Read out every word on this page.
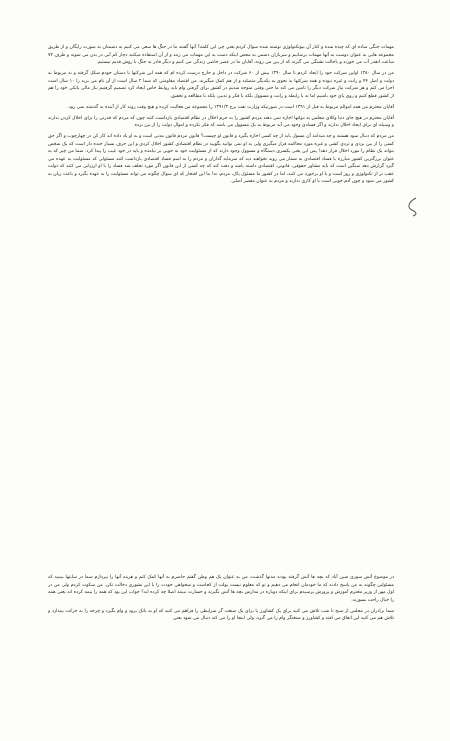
مهمات جنگی ساده ای که چیده شده و کنار آن بیوتکنولوژی نوشته شده سوال کردم یعنی چی این کلمه؟ آنها گفتند ما در جنگ ها سعی می کنیم به دشمنان به صورت رایگان و از طریق مجموعه هایی به عنوان دوست به آنها مهمات برسانیم و سربازان دشمن به محض اینکه دست به این مهمات می زنند و از آن استفاده میکنند دچار کم آبی در بدن می شوند و ظرف ۷۲ ساعت انقدر آب می خورند و باحالت تشنگی می گیرند که از بین می روند، آقایان ما در عصر خاصی زندگی می کنیم و دیگر قادر به جنگ با روش قدیم نیستیم.

من در سال ۱۳۸۰ اولین شرکت خود را ایجاد کردم تا سال ۱۳۹۰ بیش از ۶۰ شرکت در داخل و خارج درست کرده ام که همه این شرکتها با دستان خودم شکل گرفته و نه مربوط به دولت و اصل ۴۴ و رانت و غیره نبوده و همه شرکتها به نحوی به یکدیگر متصلند و از هم کمک میگیرند. من اقتصاد مقاومتی که شما ۲ سال است از آن نام می برید را ۱۰ سال است اجرا می کنم و هر شرکت نیاز شرکت دیگر را تامین می کند ما حتی وقتی متوجه شدیم در کشور برای گرفتن وام باید روابط خاص ایجاد کرد تصمیم گرفتیم نیاز مالی بانکی خود را هم از کشور قطع کنیم و روی پای خود باشیم اما نه با رابطه و رانت و مسوول بلکه با فکر و تدبیر، بلکه با مطالعه و تحقیق.

آقایان محترم من همه اموالم مربوط به قبل از ۱۳۹۱ است در صورتیکه وزارت نفت برج ۱۳۹۱/۳ را مجموعه من فعالیت کرده و هیچ وقت روند کار از آینده به گذشته نمی رود.

آقایان محترم در هیچ جای دنیا وکلای مجلس به دولتها اجازه نمی دهند مردم کشور را به جرم اخلال در نظام اقتصادی بازداشت کنند چون که مردم که قدرتی را برای اخلال کردن ندارند و وسیله ای برای ایجاد اخلال ندارند و اگر فسادی وجود می آید مربوط به یک مسوول می باشد که فکر نکرده و اموال دولت را از بین برده.

من مردم که دنبال سود هستند و چه میدانند آن مسول باید از چه کسی اجازه بگیرد و قانون او چیست؟ قانون مردم قانون مدنی است و به او یاد داده اند کار کن در چهارچوب و اگر حق کسی را از بین بردی و نزدی کشی و غیره مورد محاکمه قرار میگیری ولی به او نمی توانید بگویید در نظام اقتصادی کشور اخلال کردی و این حرف بسیار خنده دار است که یک شخص بتواند یک نظام را مورد اخلال قرار دهد! پس این یعنی یکسری دستگاه و مسوول وجود دارند که از مسئولیت خود به خوبی بر نیامده و باید در خود عیب را پیدا کرد. شما من چیز که به عنوان بزرگترین کشور مبارزه با فساد اقتصادی به شمار می روید نخواهید دید که سرمایه گذاران و مردم را به اسم فساد اقتصادی بازداشت کنند مسئولی که مسئولیت به عهده می گیرد گزارش دهد سنگین است که باید مشاور حقوقی، قانونی، اقتصادی داشته باشد و دقت کند که چه کسی از این قانون اگر مورد تخلف شد فساد را با او ارزیابی می کنند که دولت عقب تر از تکنولوژی و روز است و با او برخورد می کنند، اما در کشور ما مسئول پاک، مردم، نه! ما این افتخار که ای سوال چگونه می تواند مسئولیت را به عهده بگیرد و باعث زیان به کشور می شود و چون آدم خوبی است با او کاری ندارند و مردم به عنوان مقصر اصلی.

در موضوع آتش سوزی شین آباد که بچه ها آتش گرفته بودند مدتها گذشت، من به عنوان یک هم وطن گفتم حاضرم به آنها کمک کنم و هزینه آنها را بپردازم شما در سایتها ببینید که مسئولین چگونه به من پاسخ دادند که ما خودمان انجام می دهیم و تو که معلوم نیست پولت از کجاست و میخواهی خودت را با این بشوری دخالت نکن. من سکوت کردم ولی من در اول مهر از وزیر محترم آموزش و پرورش پرسیدم برای اینکه دوباره در مدارس بچه ها آتش نگیرند و خسارت نبینند اصلا چه کرده اید؟ جواب این بود که همه را بیمه کرده اند یعنی همه را خیال راحت بسوزند.

شما برادران در مجلس از صبح تا شب تلاش می کنید برای یک کشاورز یا برای یک صنعت گر شرایطی را فراهم می کنید که او به بانک برود و وام بگیرد و چرخه را به حرکت بیندازد و تلاش هم می کنید این اتفاق می افتد و کشاورز و صنعتگر وام را می گیرد، ولی اینجا او را می کند دنبال می شود یعنی
